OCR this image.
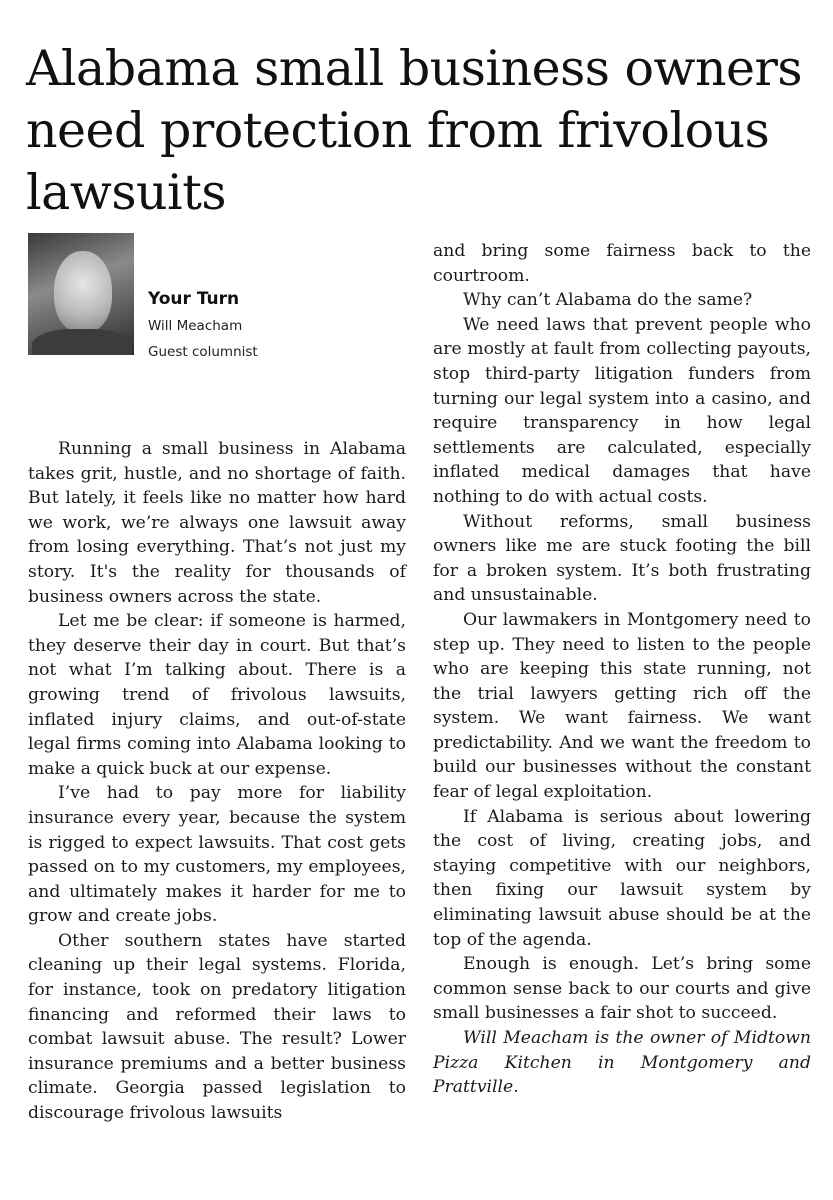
Alabama small business owners need protection from frivolous lawsuits

Your Turn

Will Meacham

Guest columnist

Running a small business in Alabama takes grit, hustle, and no shortage of faith. But lately, it feels like no matter how hard we work, we’re always one lawsuit away from losing everything. That’s not just my story. It's the reality for thousands of business owners across the state.

Let me be clear: if someone is harmed, they deserve their day in court. But that’s not what I’m talking about. There is a growing trend of frivolous lawsuits, inflated injury claims, and out-of-state legal firms coming into Alabama looking to make a quick buck at our expense.

I’ve had to pay more for liability insurance every year, because the system is rigged to expect lawsuits. That cost gets passed on to my customers, my employees, and ultimately makes it harder for me to grow and create jobs.

Other southern states have started cleaning up their legal systems. Florida, for instance, took on predatory litigation financing and reformed their laws to combat lawsuit abuse. The result? Lower insurance premiums and a better business climate. Georgia passed legislation to discourage frivolous lawsuits

and bring some fairness back to the courtroom.

Why can’t Alabama do the same?

We need laws that prevent people who are mostly at fault from collecting payouts, stop third-party litigation funders from turning our legal system into a casino, and require transparency in how legal settlements are calculated, especially inflated medical damages that have nothing to do with actual costs.

Without reforms, small business owners like me are stuck footing the bill for a broken system. It’s both frustrating and unsustainable.

Our lawmakers in Montgomery need to step up. They need to listen to the people who are keeping this state running, not the trial lawyers getting rich off the system. We want fairness. We want predictability. And we want the freedom to build our businesses without the constant fear of legal exploitation.

If Alabama is serious about lowering the cost of living, creating jobs, and staying competitive with our neighbors, then fixing our lawsuit system by eliminating lawsuit abuse should be at the top of the agenda.

Enough is enough. Let’s bring some common sense back to our courts and give small businesses a fair shot to succeed.

Will Meacham is the owner of Midtown Pizza Kitchen in Montgomery and Prattville.
